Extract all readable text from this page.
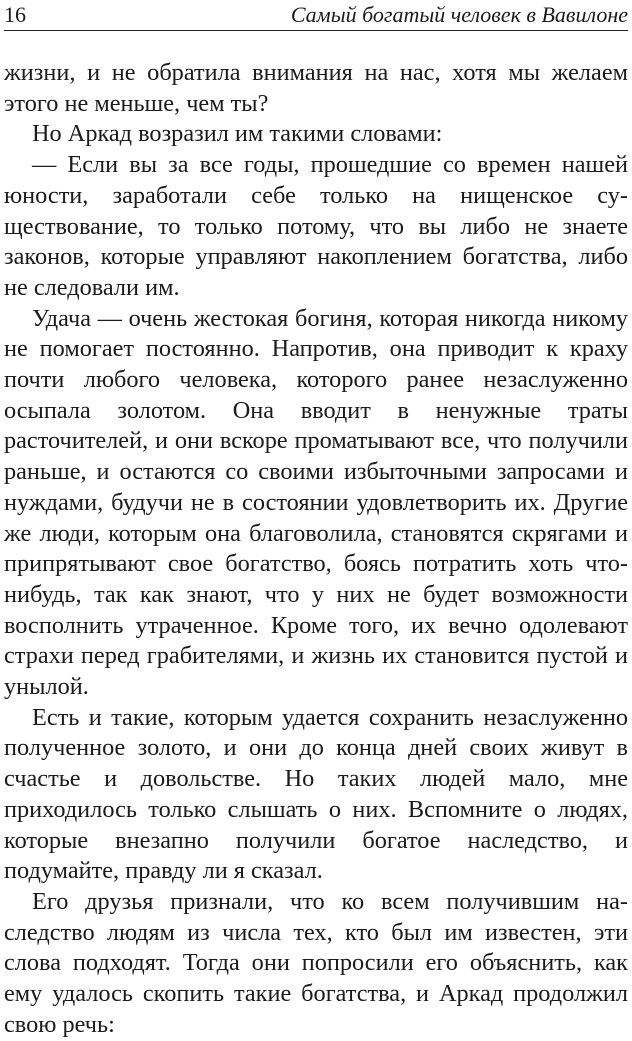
16	Самый богатый человек в Вавилоне

жизни, и не обратила внимания на нас, хотя мы желаем этого не меньше, чем ты?

Но Аркад возразил им такими словами:

— Если вы за все годы, прошедшие со времен нашей юности, заработали себе только на нищенское существование, то только потому, что вы либо не знаете законов, которые управляют накоплением богатства, либо не следовали им.

Удача — очень жестокая богиня, которая никогда никому не помогает постоянно. Напротив, она приводит к краху почти любого человека, которого ранее незаслуженно осыпала золотом. Она вводит в ненужные траты расточителей, и они вскоре проматывают все, что получили раньше, и остаются со своими избыточными запросами и нуждами, будучи не в состоянии удовлетворить их. Другие же люди, которым она благоволила, становятся скрягами и припрятывают свое богатство, боясь потратить хоть что-нибудь, так как знают, что у них не будет возможности восполнить утраченное. Кроме того, их вечно одолевают страхи перед грабителями, и жизнь их становится пустой и унылой.

Есть и такие, которым удается сохранить незаслуженно полученное золото, и они до конца дней своих живут в счастье и довольстве. Но таких людей мало, мне приходилось только слышать о них. Вспомните о людях, которые внезапно получили богатое наследство, и подумайте, правду ли я сказал.

Его друзья признали, что ко всем получившим наследство людям из числа тех, кто был им известен, эти слова подходят. Тогда они попросили его объяснить, как ему удалось скопить такие богатства, и Аркад продолжил свою речь:
